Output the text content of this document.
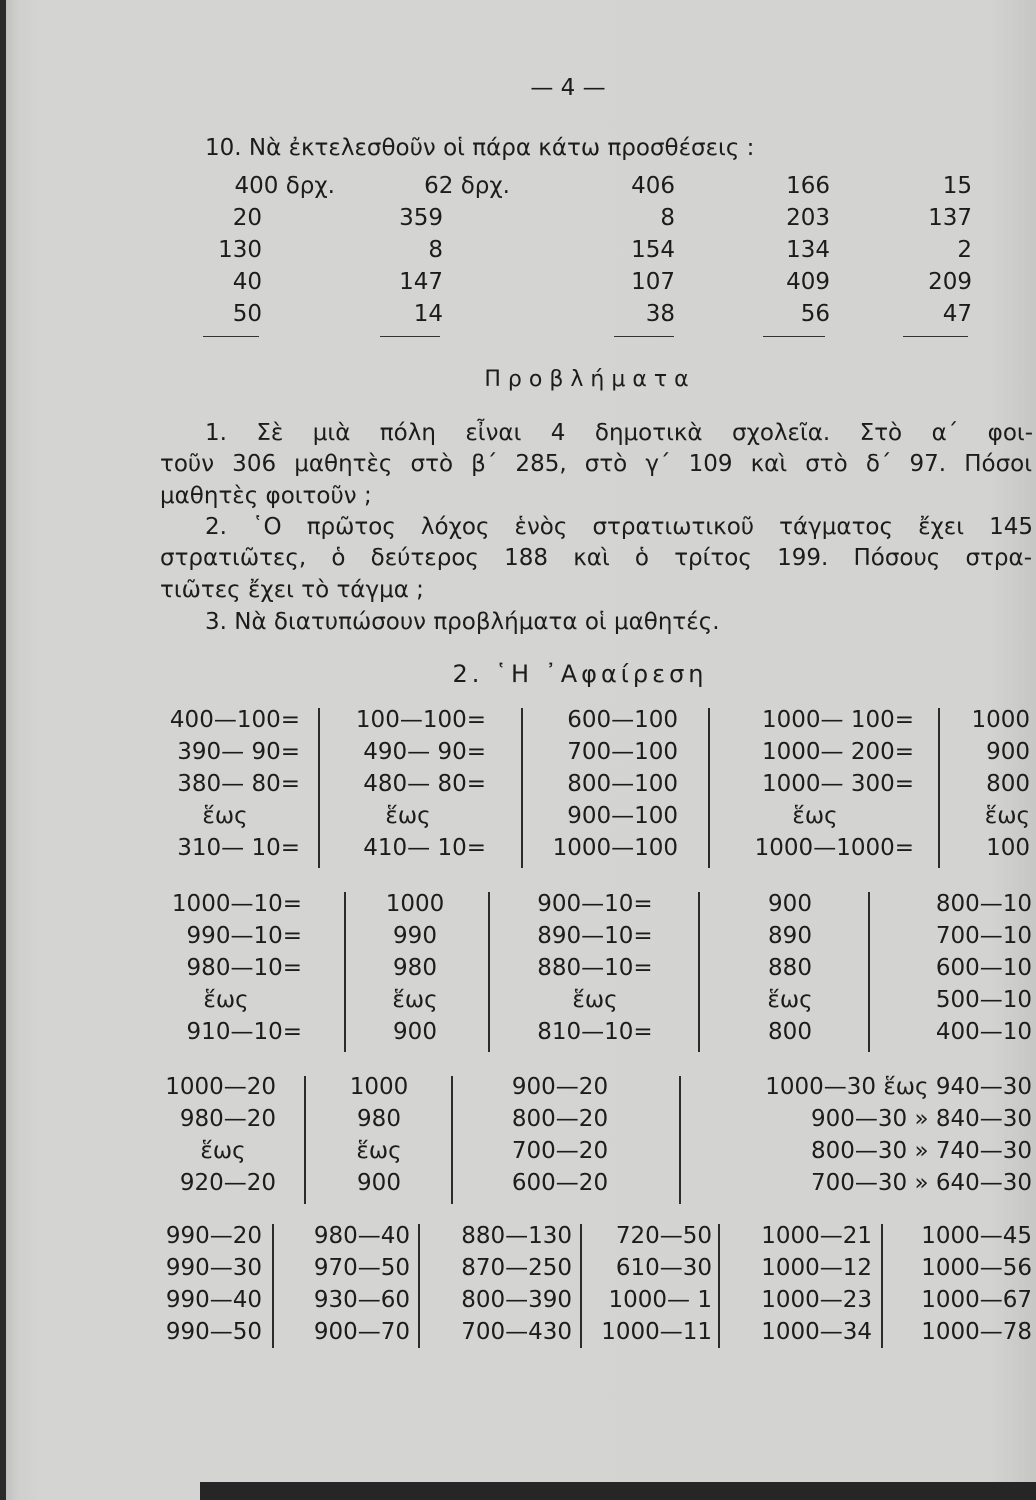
— 4 —
10. Νὰ ἐκτελεσθοῦν οἱ πάρα κάτω προσθέσεις :
400 δρχ.
20
130
40
50
62 δρχ.
359
8
147
14
406
8
154
107
38
166
203
134
409
56
15
137
2
209
47
Προβλήματα
1. Σὲ μιὰ πόλη εἶναι 4 δημοτικὰ σχολεῖα. Στὸ α΄ φοι-
τοῦν 306 μαθητὲς στὸ β΄ 285, στὸ γ΄ 109 καὶ στὸ δ΄ 97. Πόσοι
μαθητὲς φοιτοῦν ;
2. ῾Ο πρῶτος λόχος ἑνὸς στρατιωτικοῦ τάγματος ἔχει 145
στρατιῶτες, ὁ δεύτερος 188 καὶ ὁ τρίτος 199. Πόσους στρα-
τιῶτες ἔχει τὸ τάγμα ;
3. Νὰ διατυπώσουν προβλήματα οἱ μαθητές.
2. ῾Η ᾿Αφαίρεση
400—100=
390— 90=
380— 80=
ἕως
310— 10=
100—100=
490— 90=
480— 80=
ἕως
410— 10=
600—100
700—100
800—100
900—100
1000—100
1000— 100=
1000— 200=
1000— 300=
ἕως
1000—1000=
1000
900
800
ἕως
100
1000—10=
990—10=
980—10=
ἕως
910—10=
1000
990
980
ἕως
900
900—10=
890—10=
880—10=
ἕως
810—10=
900
890
880
ἕως
800
800—10
700—10
600—10
500—10
400—10
1000—20
980—20
ἕως
920—20
1000
980
ἕως
900
900—20
800—20
700—20
600—20
1000—30 ἕως 940—30
900—30 » 840—30
800—30 » 740—30
700—30 » 640—30
990—20
990—30
990—40
990—50
980—40
970—50
930—60
900—70
880—130
870—250
800—390
700—430
720—50
610—30
1000— 1
1000—11
1000—21
1000—12
1000—23
1000—34
1000—45
1000—56
1000—67
1000—78
